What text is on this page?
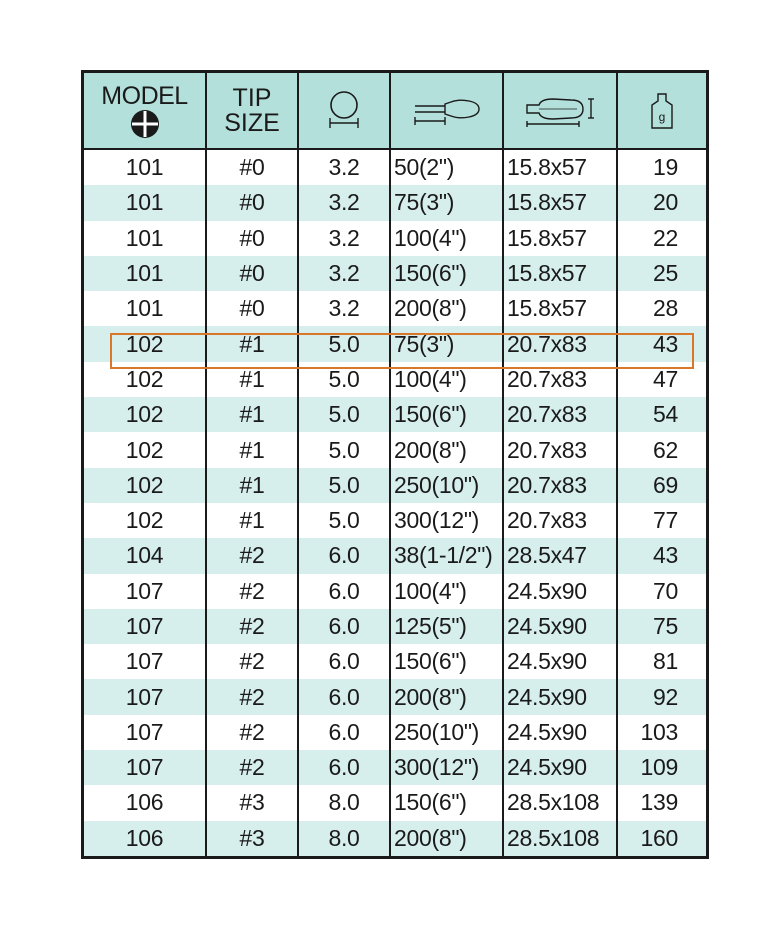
MODEL	TIP
SIZE				g

101	#0	3.2	50(2")	15.8x57	19
101	#0	3.2	75(3")	15.8x57	20
101	#0	3.2	100(4")	15.8x57	22
101	#0	3.2	150(6")	15.8x57	25
101	#0	3.2	200(8")	15.8x57	28
102	#1	5.0	75(3")	20.7x83	43
102	#1	5.0	100(4")	20.7x83	47
102	#1	5.0	150(6")	20.7x83	54
102	#1	5.0	200(8")	20.7x83	62
102	#1	5.0	250(10")	20.7x83	69
102	#1	5.0	300(12")	20.7x83	77
104	#2	6.0	38(1-1/2")	28.5x47	43
107	#2	6.0	100(4")	24.5x90	70
107	#2	6.0	125(5")	24.5x90	75
107	#2	6.0	150(6")	24.5x90	81
107	#2	6.0	200(8")	24.5x90	92
107	#2	6.0	250(10")	24.5x90	103
107	#2	6.0	300(12")	24.5x90	109
106	#3	8.0	150(6")	28.5x108	139
106	#3	8.0	200(8")	28.5x108	160
